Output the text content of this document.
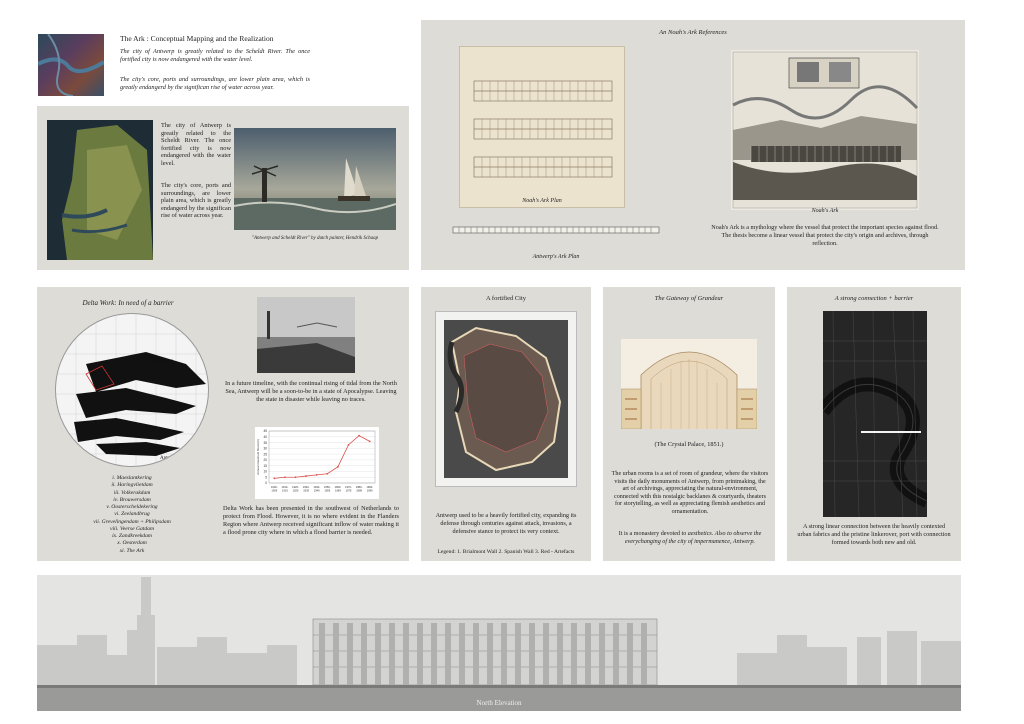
The Ark : Conceptual Mapping and the Realization
The city of Antwerp is greatly related to the Scheldt River. The once fortified city is now endangered with the water level.
The city's core, ports and surroundings, are lower plain area, which is greatly endangerd by the significan rise of water across year.
The city of Antwerp is greatly related to the Scheldt River. The once fortified city is now endangered with the water level.
The city's core, ports and surroundings, are lower plain area, which is greatly endangerd by the significan rise of water across year.
"Antwerp and Scheldt River" by dutch painter, Hendrik Schaap
An Noah's Ark References
Noah's Ark Plan
Antwerp's Ark Plan
Noah's Ark
Noah's Ark is a mythology where the vessel that protect the important species against flood. The thesis become a linear vessel that protect the city's origin and archives, through reflection.
Delta Work: In need of a barrier
Rotterdam
Antwerpen
XI
i. Maeslantkering
ii. Haringvlietdam
iii. Volkerakdam
iv. Brouwersdam
v. Oosterscheldekering
vi. Zeelandbrug
vii. Grevelingendam + Philipsdam
viii. Veerse Gatdam
ix. Zandkreekdam
x. Oesterdam
xi. The Ark
In a future timeline, with the continual rising of tidal from the North Sea, Antwerp will be a soon-to-be in a state of Apocalypse. Leaving the state in disaster while leaving no traces.
0
5
10
15
20
25
30
35
40
45
Annual maximum flood (m)
1900-
1909
1910-
1919
1920-
1929
1930-
1939
1940-
1949
1950-
1959
1960-
1969
1970-
1979
1980-
1989
1990-
1999
Delta Work has been presented in the southwest of Netherlands to protect from Flood. However, it is no where evident in the Flanders Region where Antwerp received significant inflow of water making it a flood prone city where in which a flood barrier is needed.
A fortified City
Antwerp used to be a heavily fortified city, expanding its defense through centuries against attack, invasions, a defensive stance to protect its very context.
Legend: 1. Brialmont Wall 2. Spanish Wall 3. Red - Artefacts
The Gateway of Grandeur
(The Crystal Palace, 1851.)
The urban rooms is a set of room of grandeur, where the visitors visits the daily monuments of Antwerp, from printmaking, the art of archivings, appreciating the natural-environment, connected with this nostalgic backlanes & courtyards, theaters for storytelling, as well as appreciating flemish aesthetics and ornamentation.
It is a monastery devoted to aesthetics. Also to observe the everychanging of the city of impermanence, Antwerp.
A strong connection + barrier
A strong linear connection between the heavily contexted urban fabrics and the pristine linkerover, port with connection formed towards both new and old.
North Elevation
